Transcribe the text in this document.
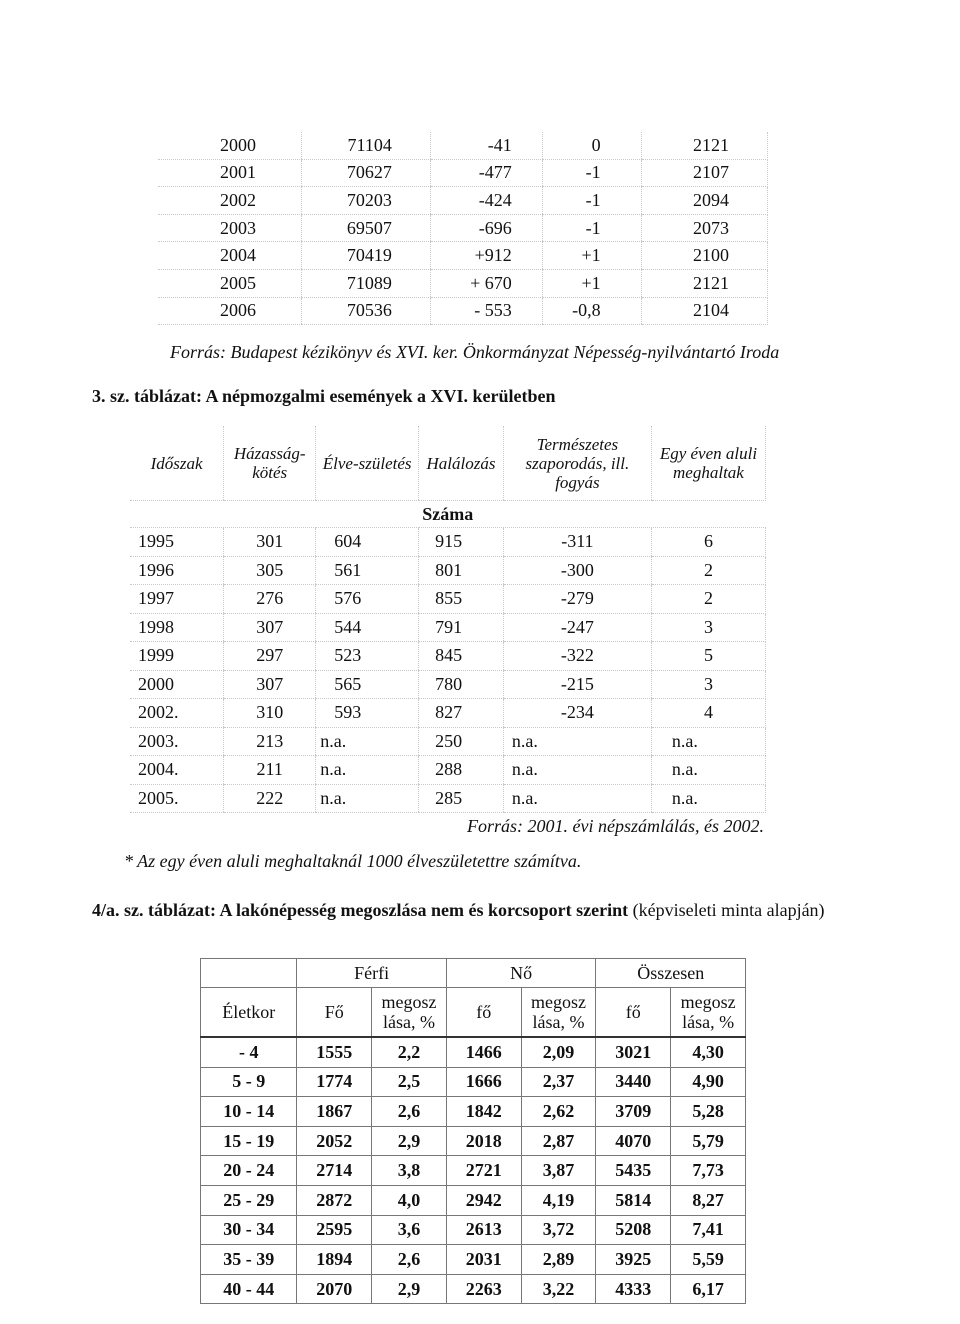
2000	71104	-41	0	2121
2001	70627	-477	-1	2107
2002	70203	-424	-1	2094
2003	69507	-696	-1	2073
2004	70419	+912	+1	2100
2005	71089	+ 670	+1	2121
2006	70536	- 553	-0,8	2104
Forrás: Budapest kézikönyv és XVI. ker. Önkormányzat Népesség-nyilvántartó Iroda
3. sz. táblázat: A népmozgalmi események a XVI. kerületben
Időszak	Házasság-kötés	Élve-születés	Halálozás	Természetes szaporodás, ill. fogyás	Egy éven aluli meghaltak
Száma					
1995	301	604	915	-311	6
1996	305	561	801	-300	2
1997	276	576	855	-279	2
1998	307	544	791	-247	3
1999	297	523	845	-322	5
2000	307	565	780	-215	3
2002.	310	593	827	-234	4
2003.	213	n.a.	250	n.a.	n.a.
2004.	211	n.a.	288	n.a.	n.a.
2005.	222	n.a.	285	n.a.	n.a.
Forrás: 2001. évi népszámlálás, és 2002.
* Az egy éven aluli meghaltaknál 1000 élveszületettre számítva.
4/a. sz. táblázat: A lakónépesség megoszlása nem és korcsoport szerint (képviseleti minta alapján)
	Férfi		Nő		Összesen	
Életkor	Fő	megosz lása, %	fő	megosz lása, %	fő	megosz lása, %
- 4	1555	2,2	1466	2,09	3021	4,30
5 - 9	1774	2,5	1666	2,37	3440	4,90
10 - 14	1867	2,6	1842	2,62	3709	5,28
15 - 19	2052	2,9	2018	2,87	4070	5,79
20 - 24	2714	3,8	2721	3,87	5435	7,73
25 - 29	2872	4,0	2942	4,19	5814	8,27
30 - 34	2595	3,6	2613	3,72	5208	7,41
35 - 39	1894	2,6	2031	2,89	3925	5,59
40 - 44	2070	2,9	2263	3,22	4333	6,17
